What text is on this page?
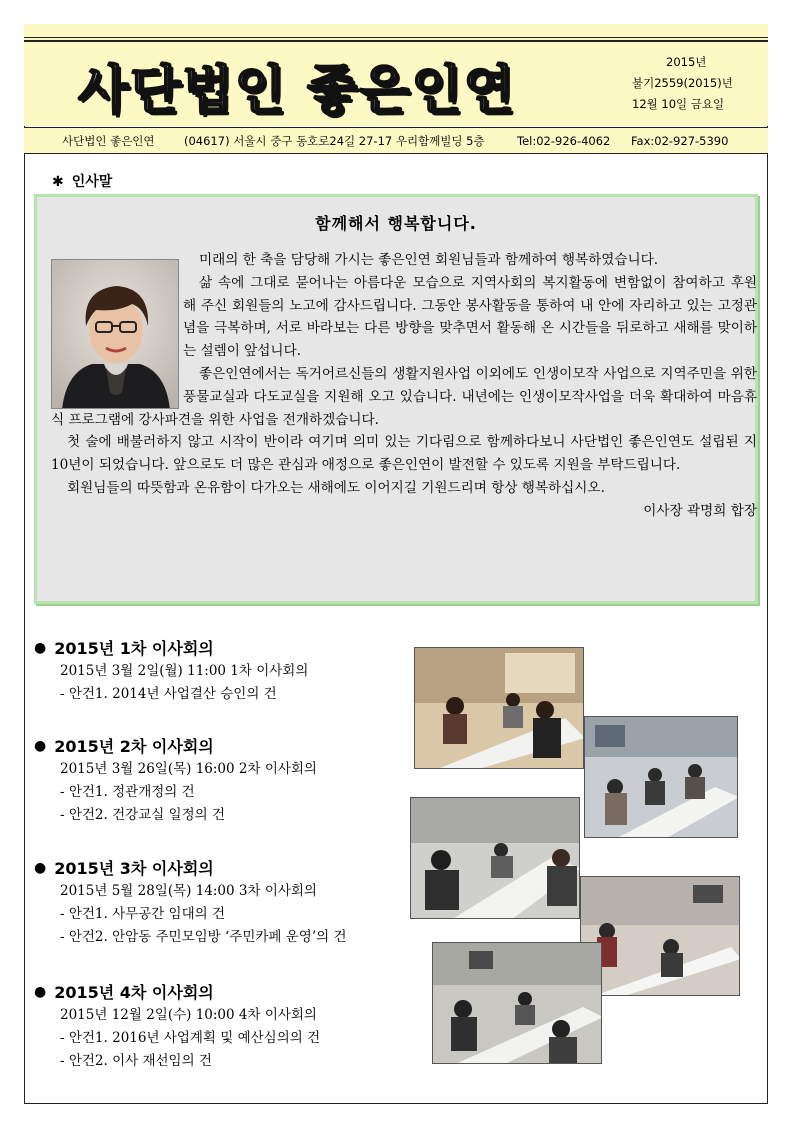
사단법인 좋은인연	2015년
불기2559(2015)년
12월 10일 금요일
사단법인 좋은인연	(04617) 서울시 중구 동호로24길 27-17 우리함께빌딩 5층	Tel:02-926-4062 Fax:02-927-5390
✱ 인사말
함께해서 행복합니다.

미래의 한 축을 담당해 가시는 좋은인연 회원님들과 함께하여 행복하였습니다.

삶 속에 그대로 묻어나는 아름다운 모습으로 지역사회의 복지활동에 변함없이 참여하고 후원 해 주신 회원들의 노고에 감사드립니다. 그동안 봉사활동을 통하여 내 안에 자리하고 있는 고정관념을 극복하며, 서로 바라보는 다른 방향을 맞추면서 활동해 온 시간들을 뒤로하고 새해를 맞이하는 설렘이 앞섭니다.

좋은인연에서는 독거어르신들의 생활지원사업 이외에도 인생이모작 사업으로 지역주민을 위한 풍물교실과 다도교실을 지원해 오고 있습니다. 내년에는 인생이모작사업을 더욱 확대하여 마음휴식 프로그램에 강사파견을 위한 사업을 전개하겠습니다.

첫 술에 배불러하지 않고 시작이 반이라 여기며 의미 있는 기다림으로 함께하다보니 사단법인 좋은인연도 설립된 지 10년이 되었습니다. 앞으로도 더 많은 관심과 애정으로 좋은인연이 발전할 수 있도록 지원을 부탁드립니다.

회원님들의 따뜻함과 온유함이 다가오는 새해에도 이어지길 기원드리며 항상 행복하십시오.

이사장 곽명희 합장

● 2015년 1차 이사회의
2015년 3월 2일(월) 11:00 1차 이사회의
- 안건1. 2014년 사업결산 승인의 건
● 2015년 2차 이사회의
2015년 3월 26일(목) 16:00 2차 이사회의
- 안건1. 정관개정의 건
- 안건2. 건강교실 일정의 건
● 2015년 3차 이사회의
2015년 5월 28일(목) 14:00 3차 이사회의
- 안건1. 사무공간 임대의 건
- 안건2. 안암동 주민모임방 ‘주민카페 운영’의 건
● 2015년 4차 이사회의
2015년 12월 2일(수) 10:00 4차 이사회의
- 안건1. 2016년 사업계획 및 예산심의의 건
- 안건2. 이사 재선임의 건
